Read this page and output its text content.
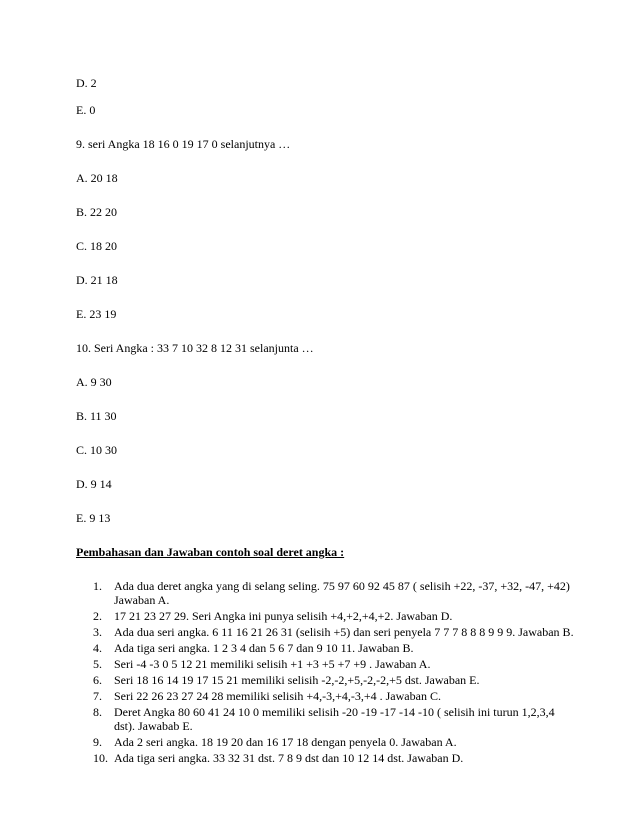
D. 2
E. 0
9. seri Angka 18 16 0 19 17 0 selanjutnya …
A. 20 18
B. 22 20
C. 18 20
D. 21 18
E. 23 19
10. Seri Angka : 33 7 10 32 8 12 31 selanjunta …
A. 9 30
B. 11 30
C. 10 30
D. 9 14
E. 9 13
Pembahasan dan Jawaban contoh soal deret angka :
1. Ada dua deret angka yang di selang seling. 75 97 60 92 45 87 ( selisih +22, -37, +32, -47, +42) Jawaban A.
2. 17 21 23 27 29. Seri Angka ini punya selisih +4,+2,+4,+2. Jawaban D.
3. Ada dua seri angka. 6 11 16 21 26 31 (selisih +5) dan seri penyela 7 7 7 8 8 8 9 9 9. Jawaban B.
4. Ada tiga seri angka. 1 2 3 4 dan 5 6 7 dan 9 10 11. Jawaban B.
5. Seri -4 -3 0 5 12 21 memiliki selisih +1 +3 +5 +7 +9 . Jawaban A.
6. Seri 18 16 14 19 17 15 21 memiliki selisih -2,-2,+5,-2,-2,+5 dst. Jawaban E.
7. Seri 22 26 23 27 24 28 memiliki selisih +4,-3,+4,-3,+4 . Jawaban C.
8. Deret Angka 80 60 41 24 10 0 memiliki selisih -20 -19 -17 -14 -10 ( selisih ini turun 1,2,3,4 dst). Jawabab E.
9. Ada 2 seri angka. 18 19 20 dan 16 17 18 dengan penyela 0. Jawaban A.
10. Ada tiga seri angka. 33 32 31 dst. 7 8 9 dst dan 10 12 14 dst. Jawaban D.
